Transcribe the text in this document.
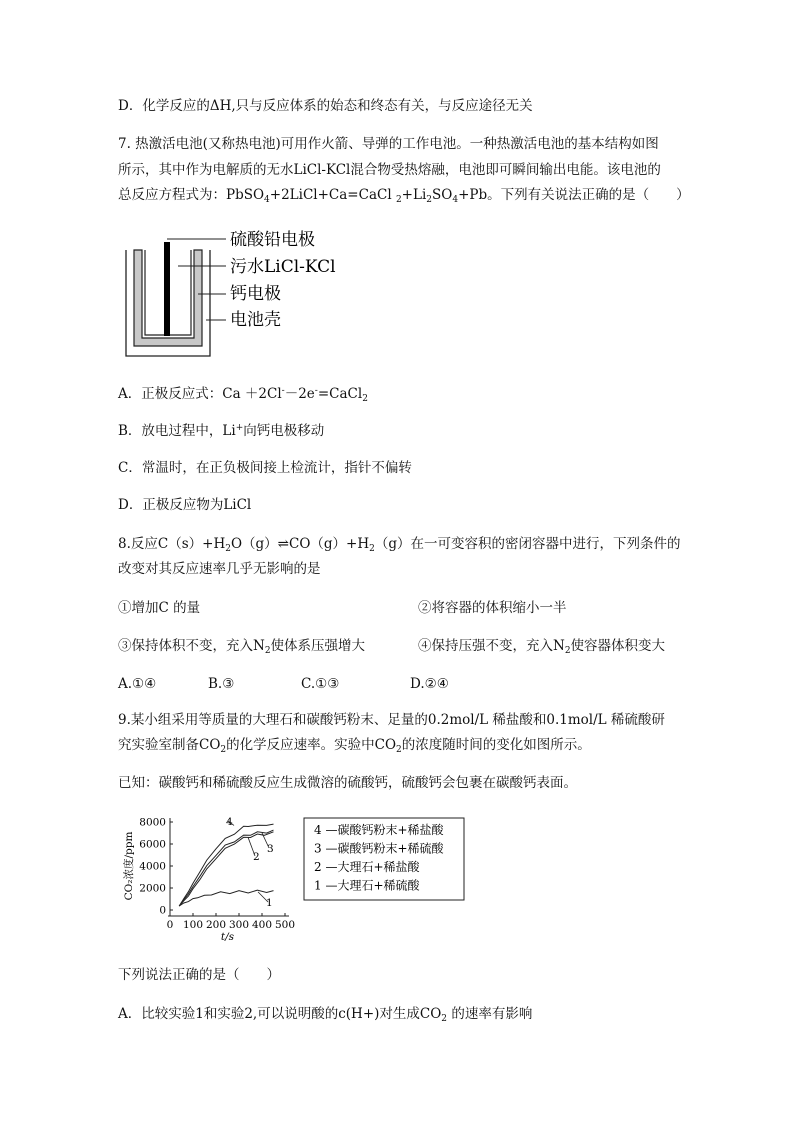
D．化学反应的ΔH,只与反应体系的始态和终态有关，与反应途径无关
7. 热激活电池(又称热电池)可用作火箭、导弹的工作电池。一种热激活电池的基本结构如图
所示，其中作为电解质的无水LiCl-KCl混合物受热熔融，电池即可瞬间输出电能。该电池的
总反应方程式为：PbSO$_4$+2LiCl+Ca=CaCl $_2+Li_2SO_4+Pb$。下列有关说法正确的是（　　）
硫酸铅电极
污水LiCl-KCl
钙电极
电池壳
A．正极反应式：Ca ＋2Cl-－2e-=CaCl$_2$
B．放电过程中，Li+向钙电极移动
C．常温时，在正负极间接上检流计，指针不偏转
D．正极反应物为LiCl
8.反应$C(s)+H_2O(g)\rightleftharpoons CO(g)+H_2(g)$在一可变容积的密闭容器中进行，下列条件的
改变对其反应速率几乎无影响的是
①增加C 的量	②将容器的体积缩小一半
③保持体积不变，充入$N_2$使体系压强增大	④保持压强不变，充入$N_2$使容器体积变大
A.①④	B.③	C.①③	D.②④
9.某小组采用等质量的大理石和碳酸钙粉末、足量的0.2mol/L 稀盐酸和0.1mol/L 稀硫酸研
究实验室制备$CO_2$的化学反应速率。实验中$CO_2$的浓度随时间的变化如图所示。
已知：碳酸钙和稀硫酸反应生成微溶的硫酸钙，硫酸钙会包裹在碳酸钙表面。
0
2000
4000
6000
8000
0 100 200 300 400 500
t/s
CO₂浓度/ppm
1
2
3
4
4 —碳酸钙粉末+稀盐酸
3 —碳酸钙粉末+稀硫酸
2 —大理石+稀盐酸
1 —大理石+稀硫酸
下列说法正确的是（　　）
A．比较实验1和实验2,可以说明酸的c(H+)对生成$CO_2$ 的速率有影响
